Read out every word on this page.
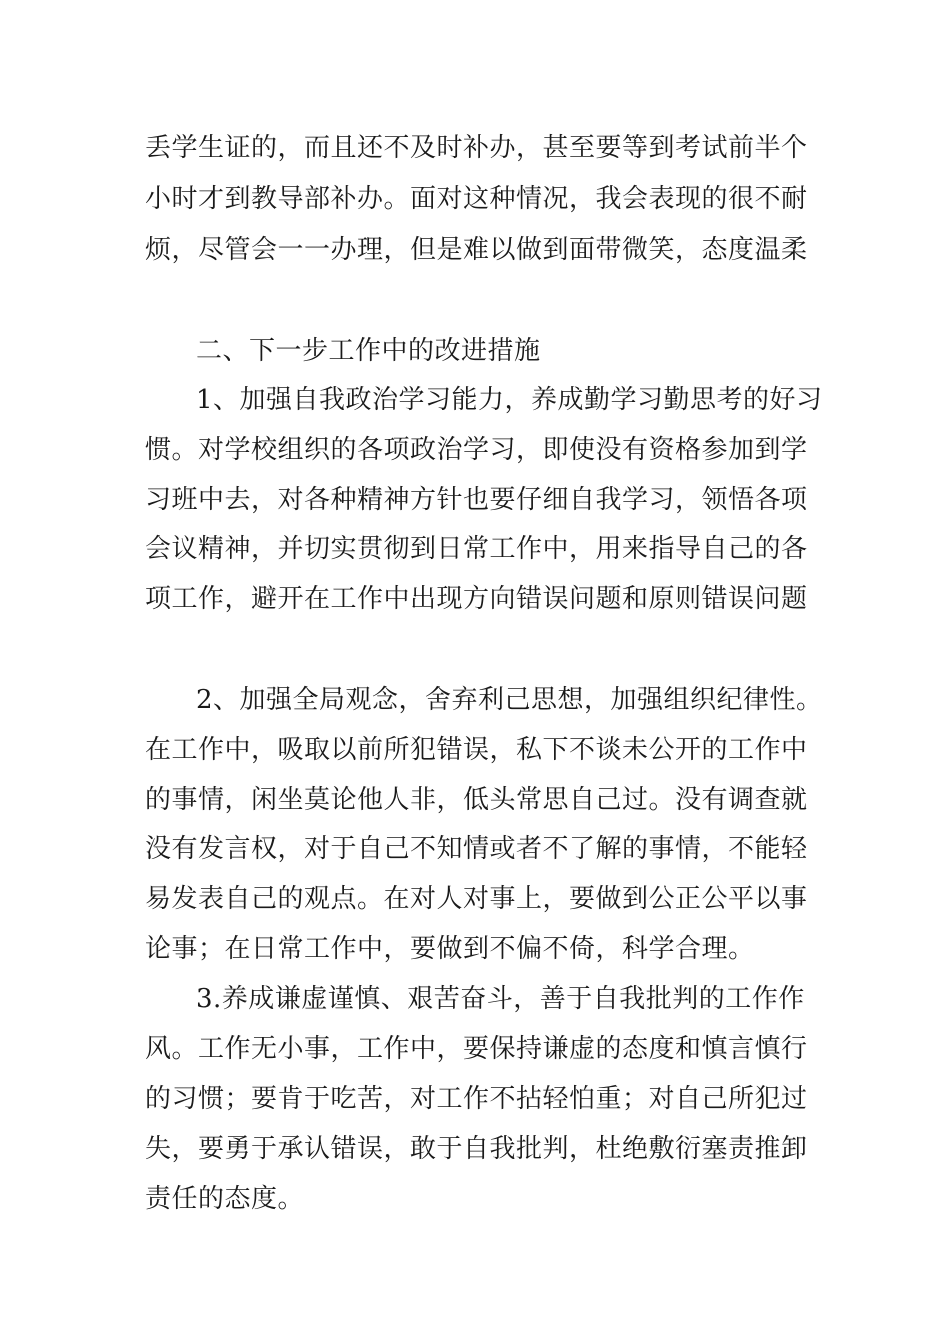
丢学生证的，而且还不及时补办，甚至要等到考试前半个
小时才到教导部补办。面对这种情况，我会表现的很不耐
烦，尽管会一一办理，但是难以做到面带微笑，态度温柔
二、下一步工作中的改进措施
1、加强自我政治学习能力，养成勤学习勤思考的好习
惯。对学校组织的各项政治学习，即使没有资格参加到学
习班中去，对各种精神方针也要仔细自我学习，领悟各项
会议精神，并切实贯彻到日常工作中，用来指导自己的各
项工作，避开在工作中出现方向错误问题和原则错误问题
2、加强全局观念，舍弃利己思想，加强组织纪律性。
在工作中，吸取以前所犯错误，私下不谈未公开的工作中
的事情，闲坐莫论他人非，低头常思自己过。没有调查就
没有发言权，对于自己不知情或者不了解的事情，不能轻
易发表自己的观点。在对人对事上，要做到公正公平以事
论事；在日常工作中，要做到不偏不倚，科学合理。
3.养成谦虚谨慎、艰苦奋斗，善于自我批判的工作作
风。工作无小事，工作中，要保持谦虚的态度和慎言慎行
的习惯；要肯于吃苦，对工作不拈轻怕重；对自己所犯过
失，要勇于承认错误，敢于自我批判，杜绝敷衍塞责推卸
责任的态度。
